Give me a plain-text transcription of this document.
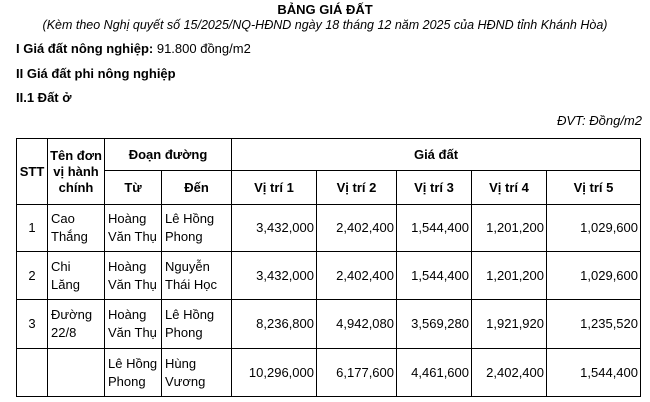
BẢNG GIÁ ĐẤT
(Kèm theo Nghị quyết số 15/2025/NQ-HĐND ngày 18 tháng 12 năm 2025 của HĐND tỉnh Khánh Hòa)
I Giá đất nông nghiệp: 91.800 đồng/m2
II Giá đất phi nông nghiệp
II.1 Đất ở
ĐVT: Đồng/m2
STT	Tên đơn vị hành chính	Đoạn đường		Giá đất				
		Từ	Đến	Vị trí 1	Vị trí 2	Vị trí 3	Vị trí 4	Vị trí 5
1	Cao Thắng	Hoàng Văn Thụ	Lê Hồng Phong	3,432,000	2,402,400	1,544,400	1,201,200	1,029,600
2	Chi Lăng	Hoàng Văn Thụ	Nguyễn Thái Học	3,432,000	2,402,400	1,544,400	1,201,200	1,029,600
3	Đường 22/8	Hoàng Văn Thụ	Lê Hồng Phong	8,236,800	4,942,080	3,569,280	1,921,920	1,235,520
		Lê Hồng Phong	Hùng Vương	10,296,000	6,177,600	4,461,600	2,402,400	1,544,400
